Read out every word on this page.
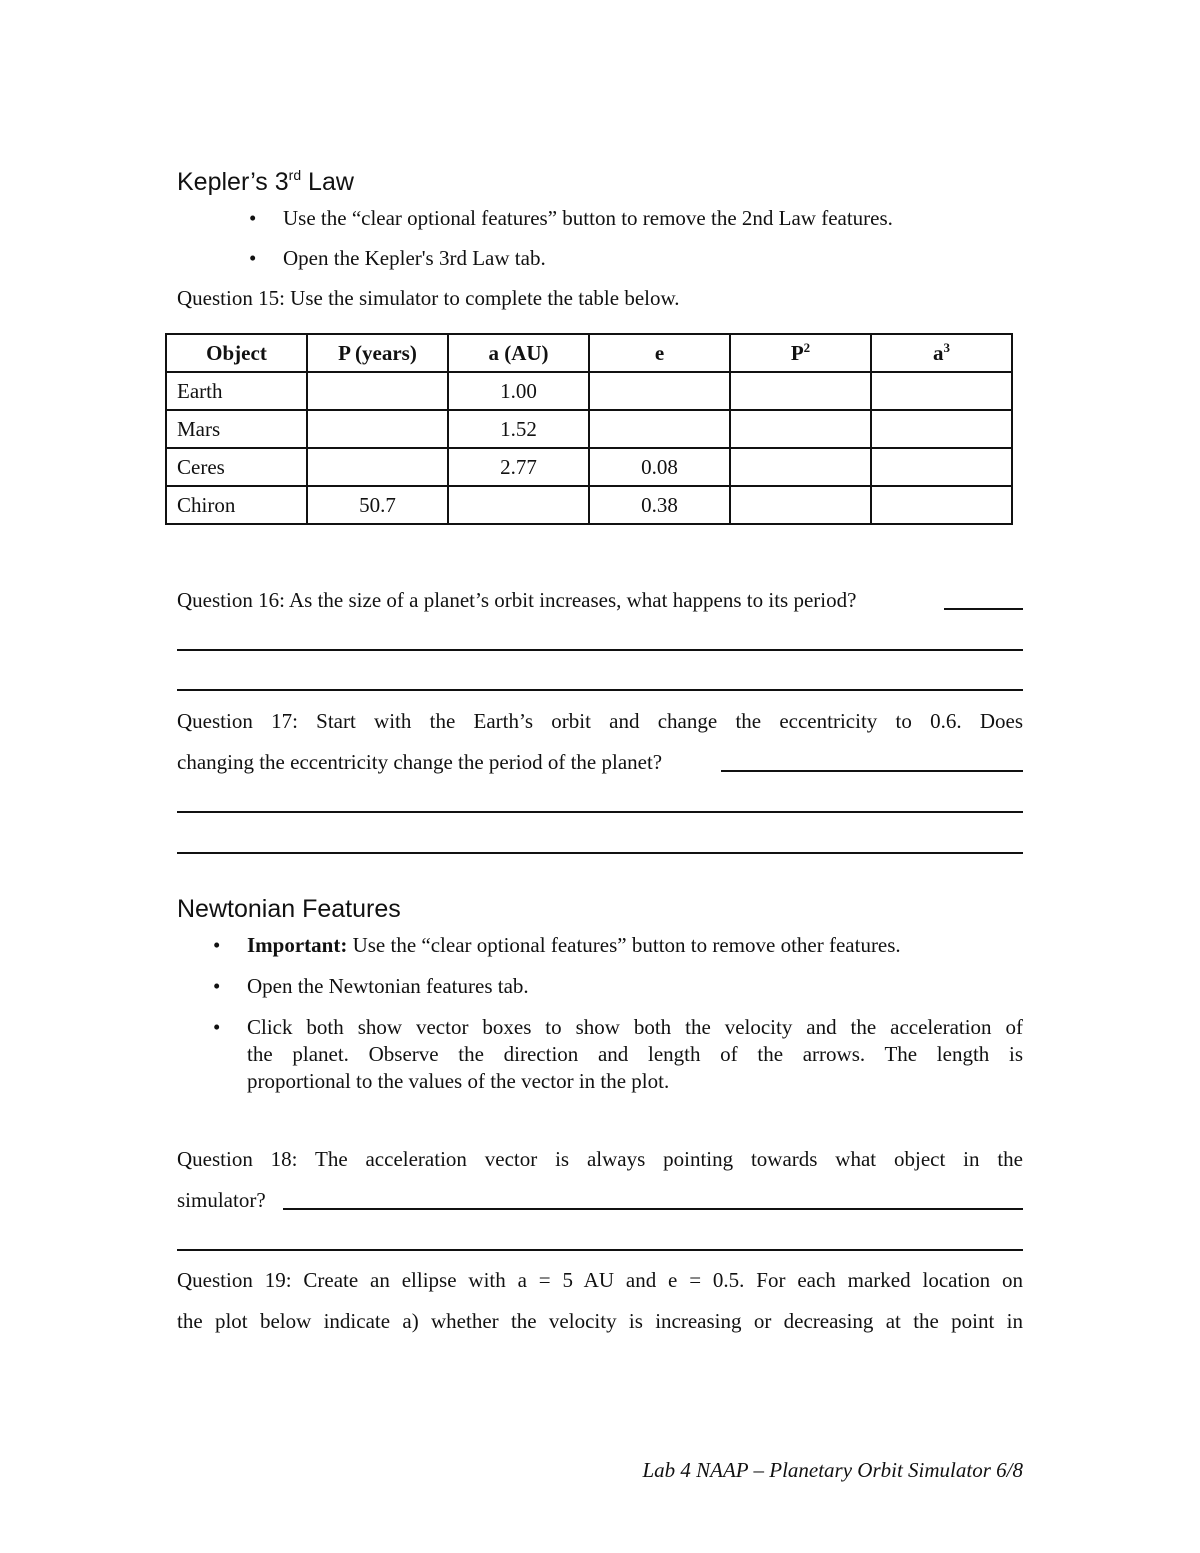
Kepler’s 3rd Law
• Use the “clear optional features” button to remove the 2nd Law features.
• Open the Kepler's 3rd Law tab.
Question 15: Use the simulator to complete the table below.
Object	P (years)	a (AU)	e	$P^2$	$a^3$
Earth		1.00			
Mars		1.52			
Ceres		2.77	0.08		
Chiron	50.7		0.38		
Question 16: As the size of a planet’s orbit increases, what happens to its period?
Question 17: Start with the Earth’s orbit and change the eccentricity to 0.6. Does
changing the eccentricity change the period of the planet?
Newtonian Features
• Important: Use the “clear optional features” button to remove other features.
• Open the Newtonian features tab.
• Click both show vector boxes to show both the velocity and the acceleration of
the planet. Observe the direction and length of the arrows. The length is
proportional to the values of the vector in the plot.
Question 18: The acceleration vector is always pointing towards what object in the
simulator?
Question 19: Create an ellipse with a = 5 AU and e = 0.5. For each marked location on
the plot below indicate a) whether the velocity is increasing or decreasing at the point in
Lab 4 NAAP – Planetary Orbit Simulator 6/8
